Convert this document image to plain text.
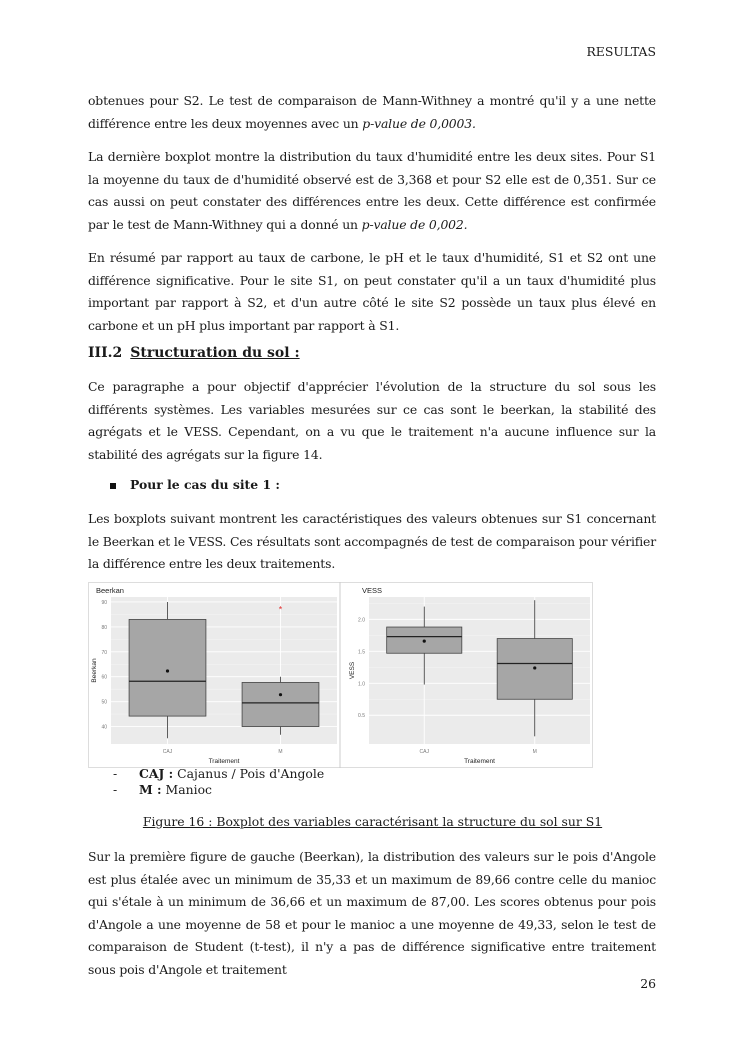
RESULTAS
obtenues pour S2. Le test de comparaison de Mann-Withney a montré qu'il y a une nette différence entre les deux moyennes avec un p-value de 0,0003.
La dernière boxplot montre la distribution du taux d'humidité entre les deux sites. Pour S1 la moyenne du taux de d'humidité observé est de 3,368 et pour S2 elle est de 0,351. Sur ce cas aussi on peut constater des différences entre les deux. Cette différence est confirmée par le test de Mann-Withney qui a donné un p-value de 0,002.
En résumé par rapport au taux de carbone, le pH et le taux d'humidité, S1 et S2 ont une différence significative. Pour le site S1, on peut constater qu'il a un taux d'humidité plus important par rapport à S2, et d'un autre côté le site S2 possède un taux plus élevé en carbone et un pH plus important par rapport à S1.
III.2 Structuration du sol :
Ce paragraphe a pour objectif d'apprécier l'évolution de la structure du sol sous les différents systèmes. Les variables mesurées sur ce cas sont le beerkan, la stabilité des agrégats et le VESS. Cependant, on a vu que le traitement n'a aucune influence sur la stabilité des agrégats sur la figure 14.
Pour le cas du site 1 :
Les boxplots suivant montrent les caractéristiques des valeurs obtenues sur S1 concernant le Beerkan et le VESS. Ces résultats sont accompagnés de test de comparaison pour vérifier la différence entre les deux traitements.
Beerkan
40
50
60
70
80
90
Beerkan
CAJ
*
M
Traitement
VESS
0.5
1.0
1.5
2.0
VESS
CAJ	M
Traitement
- CAJ : Cajanus / Pois d'Angole
- M : Manioc
Figure 16 : Boxplot des variables caractérisant la structure du sol sur S1
Sur la première figure de gauche (Beerkan), la distribution des valeurs sur le pois d'Angole est plus étalée avec un minimum de 35,33 et un maximum de 89,66 contre celle du manioc qui s'étale à un minimum de 36,66 et un maximum de 87,00. Les scores obtenus pour pois d'Angole a une moyenne de 58 et pour le manioc a une moyenne de 49,33, selon le test de comparaison de Student (t-test), il n'y a pas de différence significative entre traitement sous pois d'Angole et traitement
26
